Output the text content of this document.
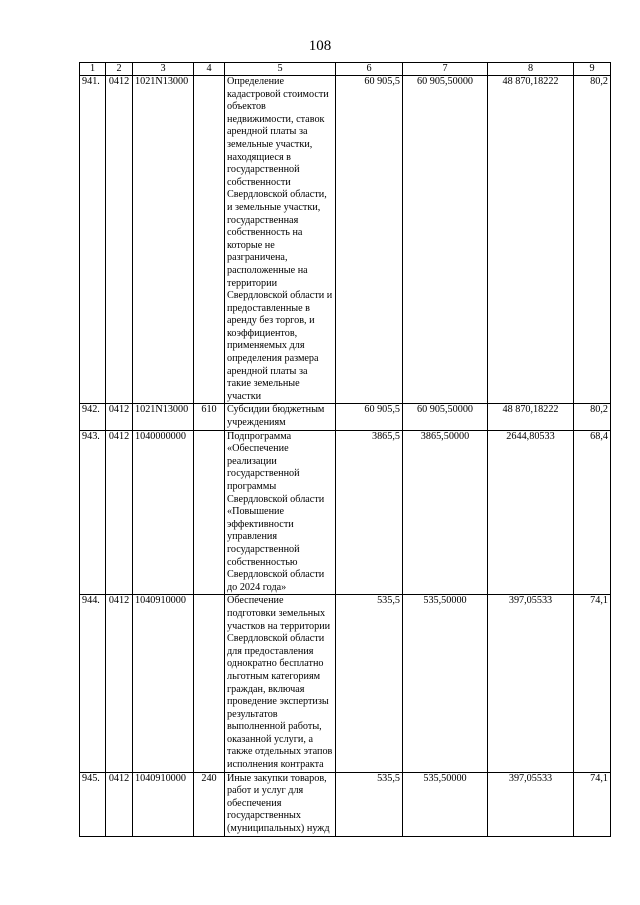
108
1	2	3	4	5	6	7	8	9
941.	0412	1021N13000		Определение кадастровой стоимости объектов недвижимости, ставок арендной платы за земельные участки, находящиеся в государственной собственности Свердловской области, и земельные участки, государственная собственность на которые не разграничена, расположенные на территории Свердловской области и предоставленные в аренду без торгов, и коэффициентов, применяемых для определения размера арендной платы за такие земельные участки	60 905,5	60 905,50000	48 870,18222	80,2
942.	0412	1021N13000	610	Субсидии бюджетным учреждениям	60 905,5	60 905,50000	48 870,18222	80,2
943.	0412	1040000000		Подпрограмма «Обеспечение реализации государственной программы Свердловской области «Повышение эффективности управления государственной собственностью Свердловской области до 2024 года»	3865,5	3865,50000	2644,80533	68,4
944.	0412	1040910000		Обеспечение подготовки земельных участков на территории Свердловской области для предоставления однократно бесплатно льготным категориям граждан, включая проведение экспертизы результатов выполненной работы, оказанной услуги, а также отдельных этапов исполнения контракта	535,5	535,50000	397,05533	74,1
945.	0412	1040910000	240	Иные закупки товаров, работ и услуг для обеспечения государственных (муниципальных) нужд	535,5	535,50000	397,05533	74,1
